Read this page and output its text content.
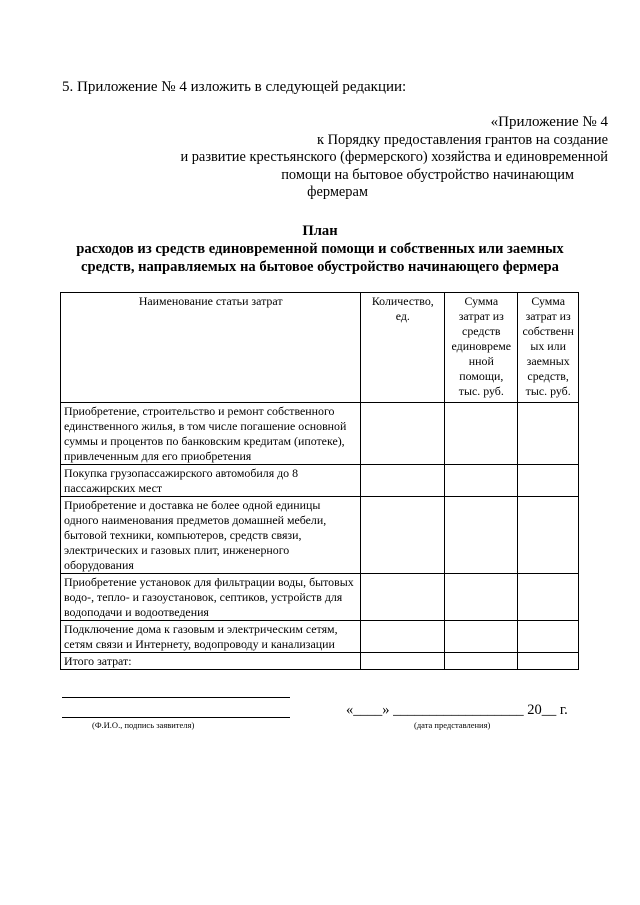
5. Приложение № 4 изложить в следующей редакции:
«Приложение № 4
к Порядку предоставления грантов на создание
и развитие крестьянского (фермерского) хозяйства и единовременной
помощи на бытовое обустройство начинающим
фермерам
План
расходов из средств единовременной помощи и собственных или заемных
средств, направляемых на бытовое обустройство начинающего фермера
Наименование статьи затрат	Количество, ед.	Сумма затрат из средств единовреме нной помощи, тыс. руб.	Сумма затрат из собственн ых или заемных средств, тыс. руб.
Приобретение, строительство и ремонт собственного единственного жилья, в том числе погашение основной суммы и процентов по банковским кредитам (ипотеке), привлеченным для его приобретения			
Покупка грузопассажирского автомобиля до 8 пассажирских мест			
Приобретение и доставка не более одной единицы одного наименования предметов домашней мебели, бытовой техники, компьютеров, средств связи, электрических и газовых плит, инженерного оборудования			
Приобретение установок для фильтрации воды, бытовых водо-, тепло- и газоустановок, септиков, устройств для водоподачи и водоотведения			
Подключение дома к газовым и электрическим сетям, сетям связи и Интернету, водопроводу и канализации			
Итого затрат:			
(Ф.И.О., подпись заявителя)
«____» __________________ 20__ г.
(дата представления)
